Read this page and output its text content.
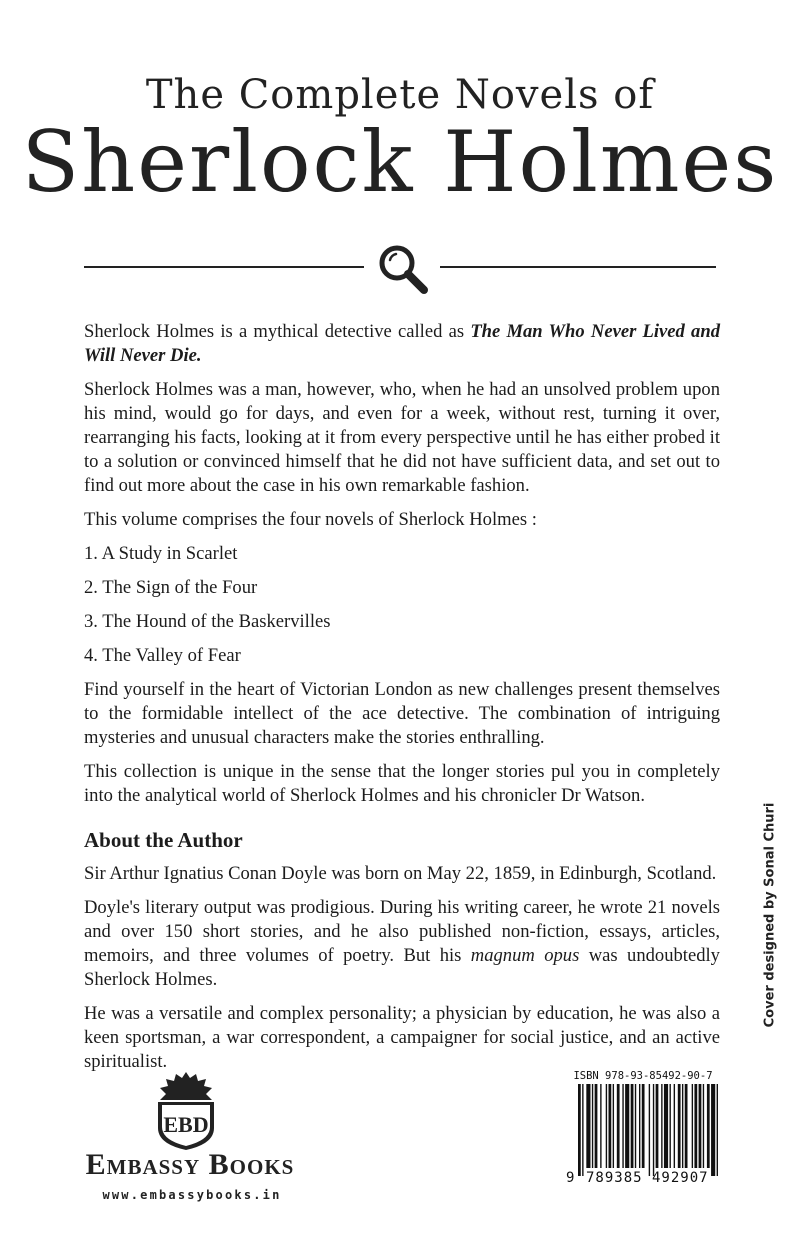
The Complete Novels of
Sherlock Holmes

Sherlock Holmes is a mythical detective called as The Man Who Never Lived and Will Never Die.

Sherlock Holmes was a man, however, who, when he had an unsolved problem upon his mind, would go for days, and even for a week, without rest, turning it over, rearranging his facts, looking at it from every perspective until he has either probed it to a solution or convinced himself that he did not have sufficient data, and set out to find out more about the case in his own remarkable fashion.

This volume comprises the four novels of Sherlock Holmes :

1. A Study in Scarlet
2. The Sign of the Four
3. The Hound of the Baskervilles
4. The Valley of Fear

Find yourself in the heart of Victorian London as new challenges present themselves to the formidable intellect of the ace detective. The combination of intriguing mysteries and unusual characters make the stories enthralling.

This collection is unique in the sense that the longer stories pul you in completely into the analytical world of Sherlock Holmes and his chronicler Dr Watson.

About the Author

Sir Arthur Ignatius Conan Doyle was born on May 22, 1859, in Edinburgh, Scotland.

Doyle's literary output was prodigious. During his writing career, he wrote 21 novels and over 150 short stories, and he also published non-fiction, essays, articles, memoirs, and three volumes of poetry. But his magnum opus was undoubtedly Sherlock Holmes.

He was a versatile and complex personality; a physician by education, he was also a keen sportsman, a war correspondent, a campaigner for social justice, and an active spiritualist.

Cover designed by Sonal Churi
EBD
Embassy Books
www.embassybooks.in
ISBN 978-93-85492-90-7
9 789385 492907
